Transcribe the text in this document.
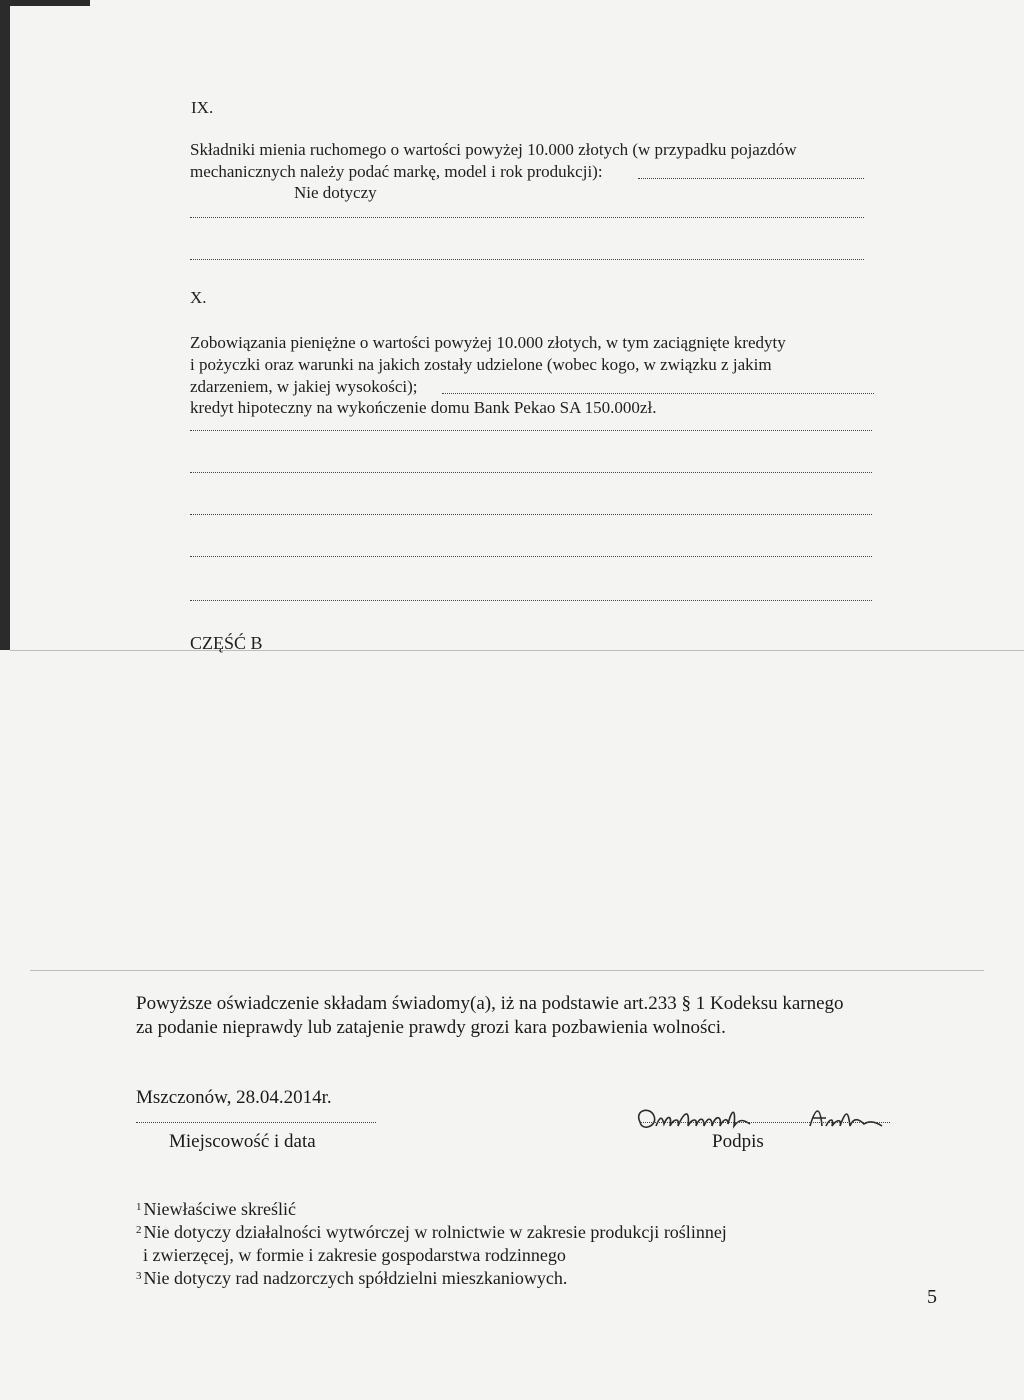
IX.
Składniki mienia ruchomego o wartości powyżej 10.000 złotych (w przypadku pojazdów
mechanicznych należy podać markę, model i rok produkcji):
Nie dotyczy
X.
Zobowiązania pieniężne o wartości powyżej 10.000 złotych, w tym zaciągnięte kredyty
i pożyczki oraz warunki na jakich zostały udzielone (wobec kogo, w związku z jakim
zdarzeniem, w jakiej wysokości);
kredyt hipoteczny na wykończenie domu Bank Pekao SA 150.000zł.
CZĘŚĆ B
Powyższe oświadczenie składam świadomy(a), iż na podstawie art.233 § 1 Kodeksu karnego
za podanie nieprawdy lub zatajenie prawdy grozi kara pozbawienia wolności.
Mszczonów, 28.04.2014r.
Miejscowość i data	Podpis
$^1$ Niewłaściwe skreślić
$^2$ Nie dotyczy działalności wytwórczej w rolnictwie w zakresie produkcji roślinnej
i zwierzęcej, w formie i zakresie gospodarstwa rodzinnego
$^3$ Nie dotyczy rad nadzorczych spółdzielni mieszkaniowych.
5
